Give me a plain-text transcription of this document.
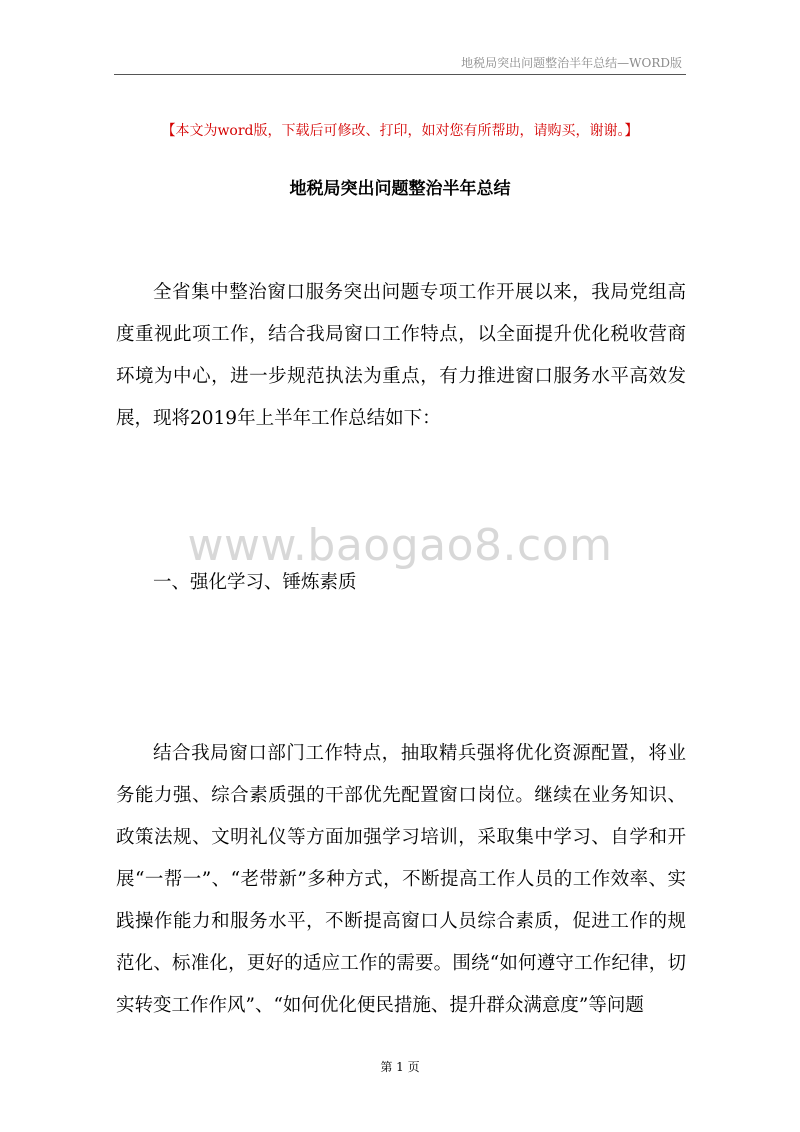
地税局突出问题整治半年总结—WORD版
【本文为word版，下载后可修改、打印，如对您有所帮助，请购买，谢谢。】
地税局突出问题整治半年总结

全省集中整治窗口服务突出问题专项工作开展以来，我局党组高度重视此项工作，结合我局窗口工作特点，以全面提升优化税收营商环境为中心，进一步规范执法为重点，有力推进窗口服务水平高效发展，现将2019年上半年工作总结如下：

www.baogao8.com
一、强化学习、锤炼素质

结合我局窗口部门工作特点，抽取精兵强将优化资源配置，将业务能力强、综合素质强的干部优先配置窗口岗位。继续在业务知识、政策法规、文明礼仪等方面加强学习培训，采取集中学习、自学和开展“一帮一”、“老带新”多种方式，不断提高工作人员的工作效率、实践操作能力和服务水平，不断提高窗口人员综合素质，促进工作的规范化、标准化，更好的适应工作的需要。围绕“如何遵守工作纪律，切实转变工作作风”、“如何优化便民措施、提升群众满意度”等问题

第 1 页
